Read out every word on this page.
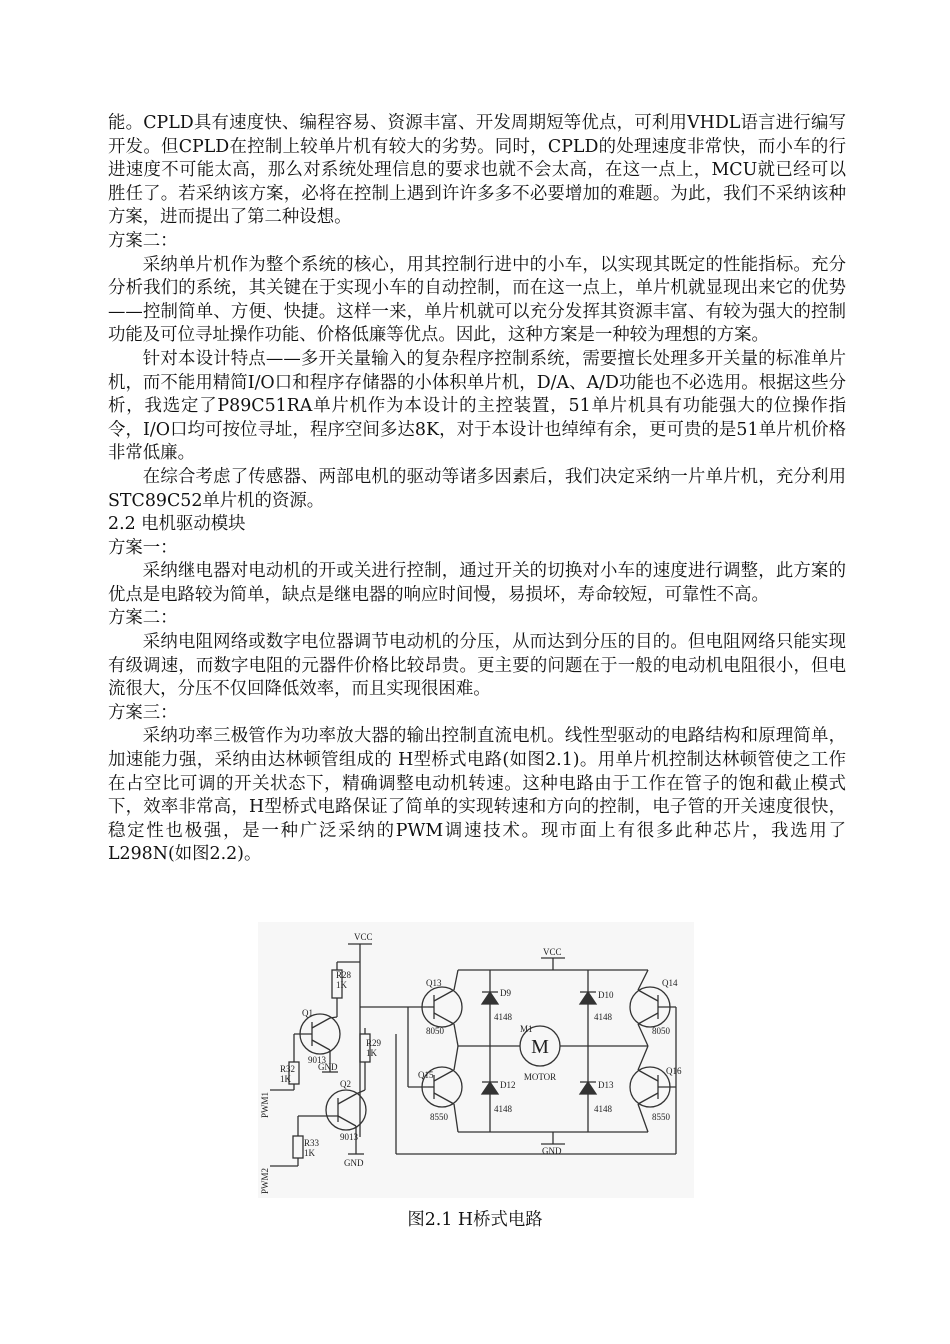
能。CPLD具有速度快、编程容易、资源丰富、开发周期短等优点，可利用VHDL语言进行编写开发。但CPLD在控制上较单片机有较大的劣势。同时，CPLD的处理速度非常快，而小车的行进速度不可能太高，那么对系统处理信息的要求也就不会太高，在这一点上，MCU就已经可以胜任了。若采纳该方案，必将在控制上遇到许许多多不必要增加的难题。为此，我们不采纳该种方案，进而提出了第二种设想。

方案二：

采纳单片机作为整个系统的核心，用其控制行进中的小车，以实现其既定的性能指标。充分分析我们的系统，其关键在于实现小车的自动控制，而在这一点上，单片机就显现出来它的优势——控制简单、方便、快捷。这样一来，单片机就可以充分发挥其资源丰富、有较为强大的控制功能及可位寻址操作功能、价格低廉等优点。因此，这种方案是一种较为理想的方案。

针对本设计特点——多开关量输入的复杂程序控制系统，需要擅长处理多开关量的标准单片机，而不能用精简I/O口和程序存储器的小体积单片机，D/A、A/D功能也不必选用。根据这些分析，我选定了P89C51RA单片机作为本设计的主控装置，51单片机具有功能强大的位操作指令，I/O口均可按位寻址，程序空间多达8K，对于本设计也绰绰有余，更可贵的是51单片机价格非常低廉。

在综合考虑了传感器、两部电机的驱动等诸多因素后，我们决定采纳一片单片机，充分利用STC89C52单片机的资源。

2.2 电机驱动模块

方案一：

采纳继电器对电动机的开或关进行控制，通过开关的切换对小车的速度进行调整，此方案的优点是电路较为简单，缺点是继电器的响应时间慢，易损坏，寿命较短，可靠性不高。

方案二：

采纳电阻网络或数字电位器调节电动机的分压，从而达到分压的目的。但电阻网络只能实现有级调速，而数字电阻的元器件价格比较昂贵。更主要的问题在于一般的电动机电阻很小，但电流很大，分压不仅回降低效率，而且实现很困难。

方案三：

采纳功率三极管作为功率放大器的输出控制直流电机。线性型驱动的电路结构和原理简单，加速能力强，采纳由达林顿管组成的 H型桥式电路(如图2.1)。用单片机控制达林顿管使之工作在占空比可调的开关状态下，精确调整电动机转速。这种电路由于工作在管子的饱和截止模式下，效率非常高，H型桥式电路保证了简单的实现转速和方向的控制，电子管的开关速度很快，稳定性也极强，是一种广泛采纳的PWM调速技术。现市面上有很多此种芯片，我选用了L298N(如图2.2)。

VCC
VCC
R28
1K
R29
1K
R32
1K
R33
1K
Q1
9013
Q2
9013
Q13
8050
Q14
8050
Q15
8550
Q16
8550
D9
4148
D10
4148
D12
4148
D13
4148
M1
MOTOR
GND
GND
GND
PWM1
PWM2
M
图2.1 H桥式电路
